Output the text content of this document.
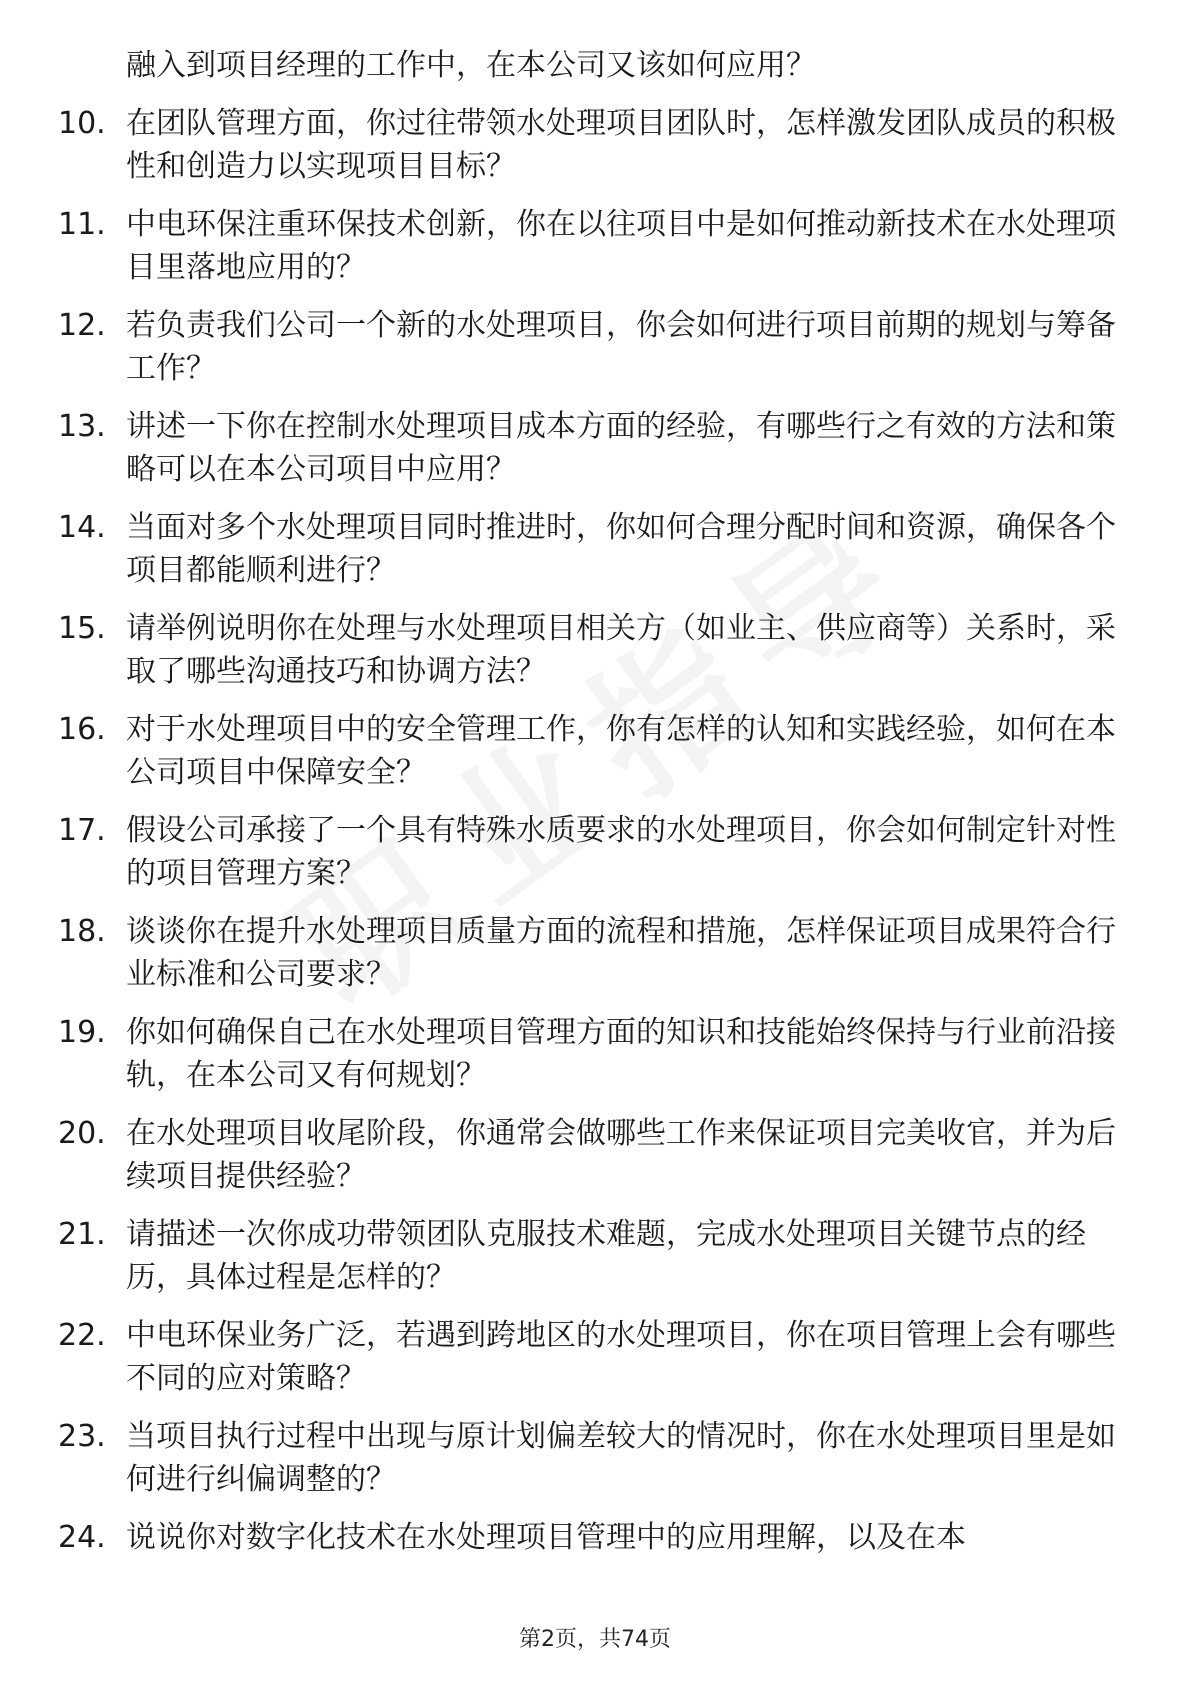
融入到项目经理的工作中，在本公司又该如何应用？
10. 在团队管理方面，你过往带领水处理项目团队时，怎样激发团队成员的积极性和创造力以实现项目目标？
11. 中电环保注重环保技术创新，你在以往项目中是如何推动新技术在水处理项目里落地应用的？
12. 若负责我们公司一个新的水处理项目，你会如何进行项目前期的规划与筹备工作？
13. 讲述一下你在控制水处理项目成本方面的经验，有哪些行之有效的方法和策略可以在本公司项目中应用？
14. 当面对多个水处理项目同时推进时，你如何合理分配时间和资源，确保各个项目都能顺利进行？
15. 请举例说明你在处理与水处理项目相关方（如业主、供应商等）关系时，采取了哪些沟通技巧和协调方法？
16. 对于水处理项目中的安全管理工作，你有怎样的认知和实践经验，如何在本公司项目中保障安全？
17. 假设公司承接了一个具有特殊水质要求的水处理项目，你会如何制定针对性的项目管理方案？
18. 谈谈你在提升水处理项目质量方面的流程和措施，怎样保证项目成果符合行业标准和公司要求？
19. 你如何确保自己在水处理项目管理方面的知识和技能始终保持与行业前沿接轨，在本公司又有何规划？
20. 在水处理项目收尾阶段，你通常会做哪些工作来保证项目完美收官，并为后续项目提供经验？
21. 请描述一次你成功带领团队克服技术难题，完成水处理项目关键节点的经历，具体过程是怎样的？
22. 中电环保业务广泛，若遇到跨地区的水处理项目，你在项目管理上会有哪些不同的应对策略？
23. 当项目执行过程中出现与原计划偏差较大的情况时，你在水处理项目里是如何进行纠偏调整的？
24. 说说你对数字化技术在水处理项目管理中的应用理解，以及在本
第2页，共74页
